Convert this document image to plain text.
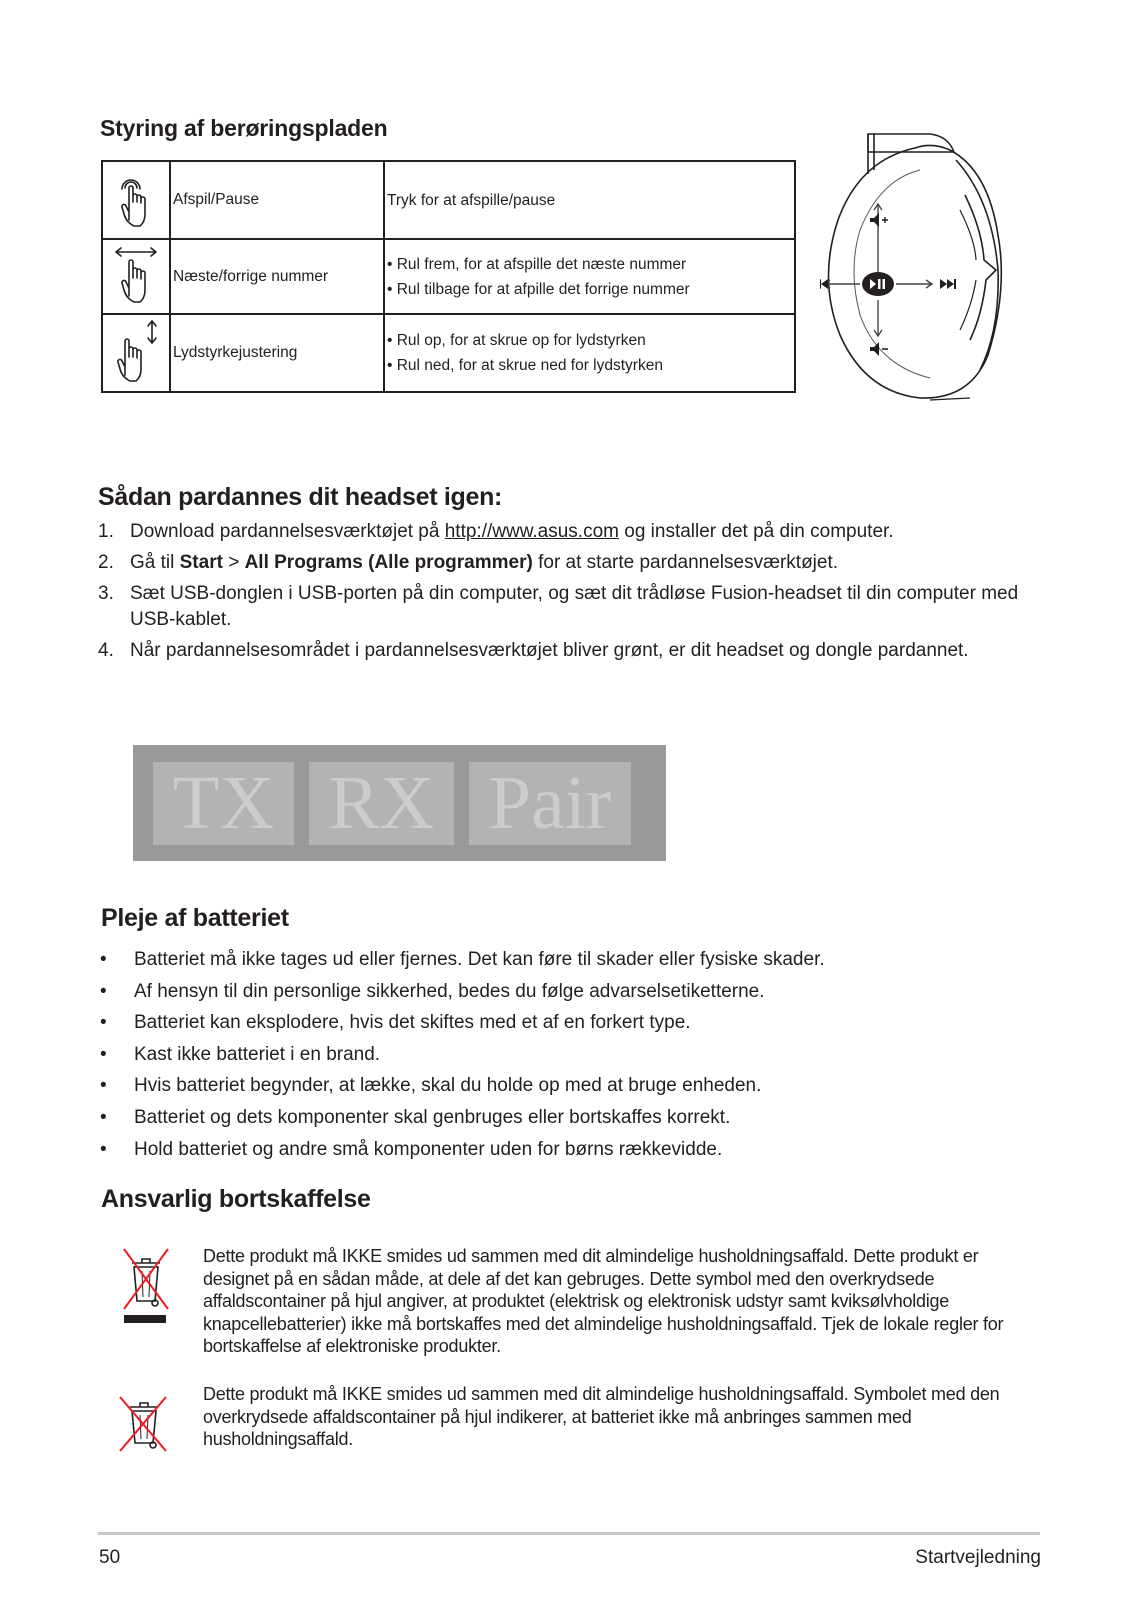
Styring af berøringspladen
	Afspil/Pause	Tryk for at afspille/pause

	Næste/forrige nummer	• Rul frem, for at afspille det næste nummer
• Rul tilbage for at afpille det forrige nummer

	Lydstyrkejustering	• Rul op, for at skrue op for lydstyrken
• Rul ned, for at skrue ned for lydstyrken
Sådan pardannes dit headset igen:
1. Download pardannelsesværktøjet på http://www.asus.com og installer det på din computer.
2. Gå til Start > All Programs (Alle programmer) for at starte pardannelsesværktøjet.
3. Sæt USB-donglen i USB-porten på din computer, og sæt dit trådløse Fusion-headset til din computer med USB-kablet.
4. Når pardannelsesområdet i pardannelsesværktøjet bliver grønt, er dit headset og dongle pardannet.
TX RX Pair
Pleje af batteriet
• Batteriet må ikke tages ud eller fjernes. Det kan føre til skader eller fysiske skader.
• Af hensyn til din personlige sikkerhed, bedes du følge advarselsetiketterne.
• Batteriet kan eksplodere, hvis det skiftes med et af en forkert type.
• Kast ikke batteriet i en brand.
• Hvis batteriet begynder, at lække, skal du holde op med at bruge enheden.
• Batteriet og dets komponenter skal genbruges eller bortskaffes korrekt.
• Hold batteriet og andre små komponenter uden for børns rækkevidde.
Ansvarlig bortskaffelse
Dette produkt må IKKE smides ud sammen med dit almindelige husholdningsaffald. Dette produkt er designet på en sådan måde, at dele af det kan gebruges. Dette symbol med den overkrydsede affaldscontainer på hjul angiver, at produktet (elektrisk og elektronisk udstyr samt kviksølvholdige knapcellebatterier) ikke må bortskaffes med det almindelige husholdningsaffald. Tjek de lokale regler for bortskaffelse af elektroniske produkter.
Dette produkt må IKKE smides ud sammen med dit almindelige husholdningsaffald. Symbolet med den overkrydsede affaldscontainer på hjul indikerer, at batteriet ikke må anbringes sammen med husholdningsaffald.
50	Startvejledning
